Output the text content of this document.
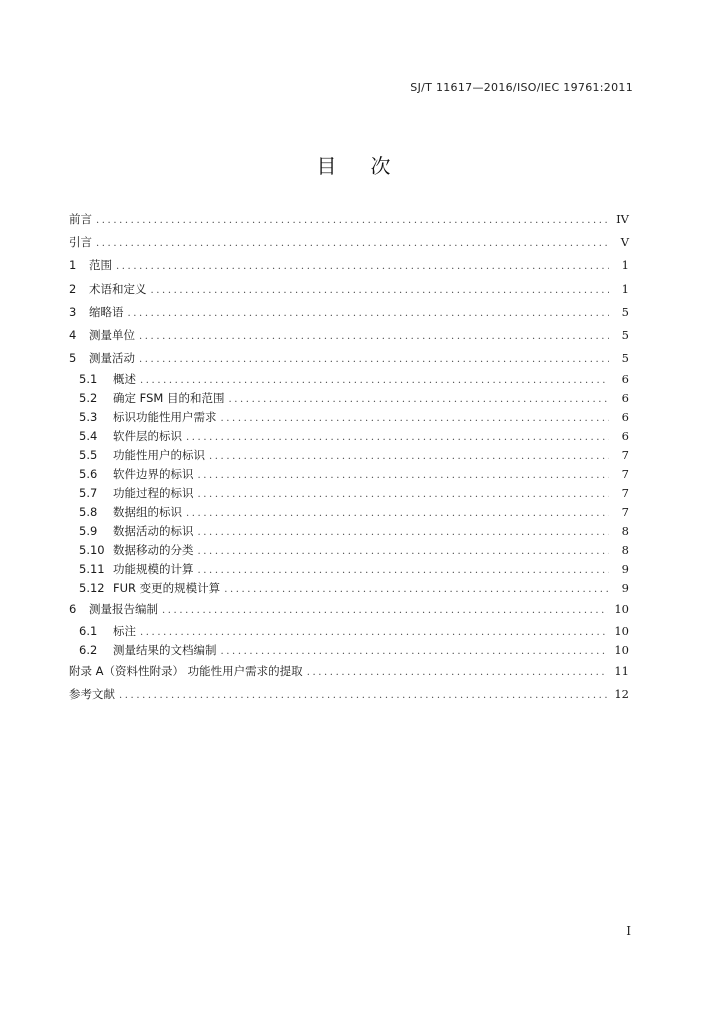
SJ/T 11617—2016/ISO/IEC 19761:2011
目次
前言 .....	IV
引言 .....	V
1 范围 .....	1
2 术语和定义 .....	1
3 缩略语 .....	5
4 测量单位 .....	5
5 测量活动 .....	5
5.1 概述 .....	6
5.2 确定 FSM 目的和范围 .....	6
5.3 标识功能性用户需求 .....	6
5.4 软件层的标识 .....	6
5.5 功能性用户的标识 .....	7
5.6 软件边界的标识 .....	7
5.7 功能过程的标识 .....	7
5.8 数据组的标识 .....	7
5.9 数据活动的标识 .....	8
5.10 数据移动的分类 .....	8
5.11 功能规模的计算 .....	9
5.12 FUR 变更的规模计算 .....	9
6 测量报告编制 .....	10
6.1 标注 .....	10
6.2 测量结果的文档编制 .....	10
附录 A（资料性附录） 功能性用户需求的提取 .....	11
参考文献 .....	12
I
